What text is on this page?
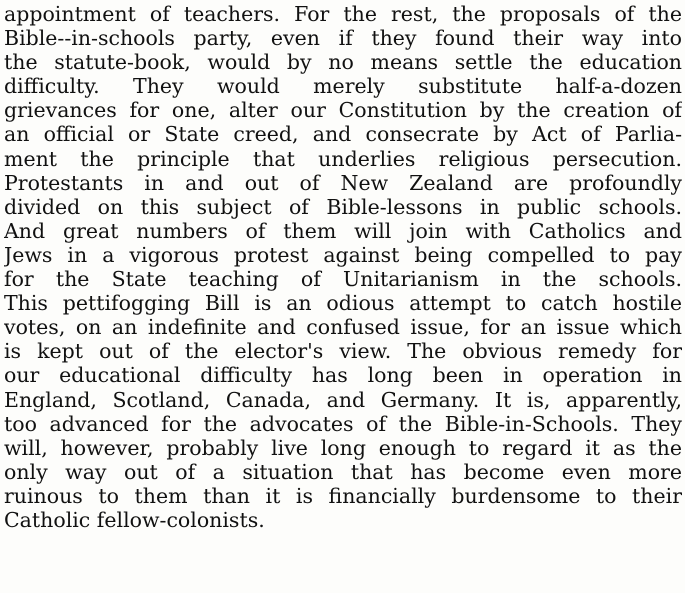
appointment of teachers. For the rest, the proposals of the
Bible--in-schools party, even if they found their way into
the statute-book, would by no means settle the education
difficulty. They would merely substitute half-a-dozen
grievances for one, alter our Constitution by the creation of
an official or State creed, and consecrate by Act of Parlia-
ment the principle that underlies religious persecution.
Protestants in and out of New Zealand are profoundly
divided on this subject of Bible-lessons in public schools.
And great numbers of them will join with Catholics and
Jews in a vigorous protest against being compelled to pay
for the State teaching of Unitarianism in the schools.
This pettifogging Bill is an odious attempt to catch hostile
votes, on an indefinite and confused issue, for an issue which
is kept out of the elector's view. The obvious remedy for
our educational difficulty has long been in operation in
England, Scotland, Canada, and Germany. It is, apparently,
too advanced for the advocates of the Bible-in-Schools. They
will, however, probably live long enough to regard it as the
only way out of a situation that has become even more
ruinous to them than it is financially burdensome to their
Catholic fellow-colonists.
